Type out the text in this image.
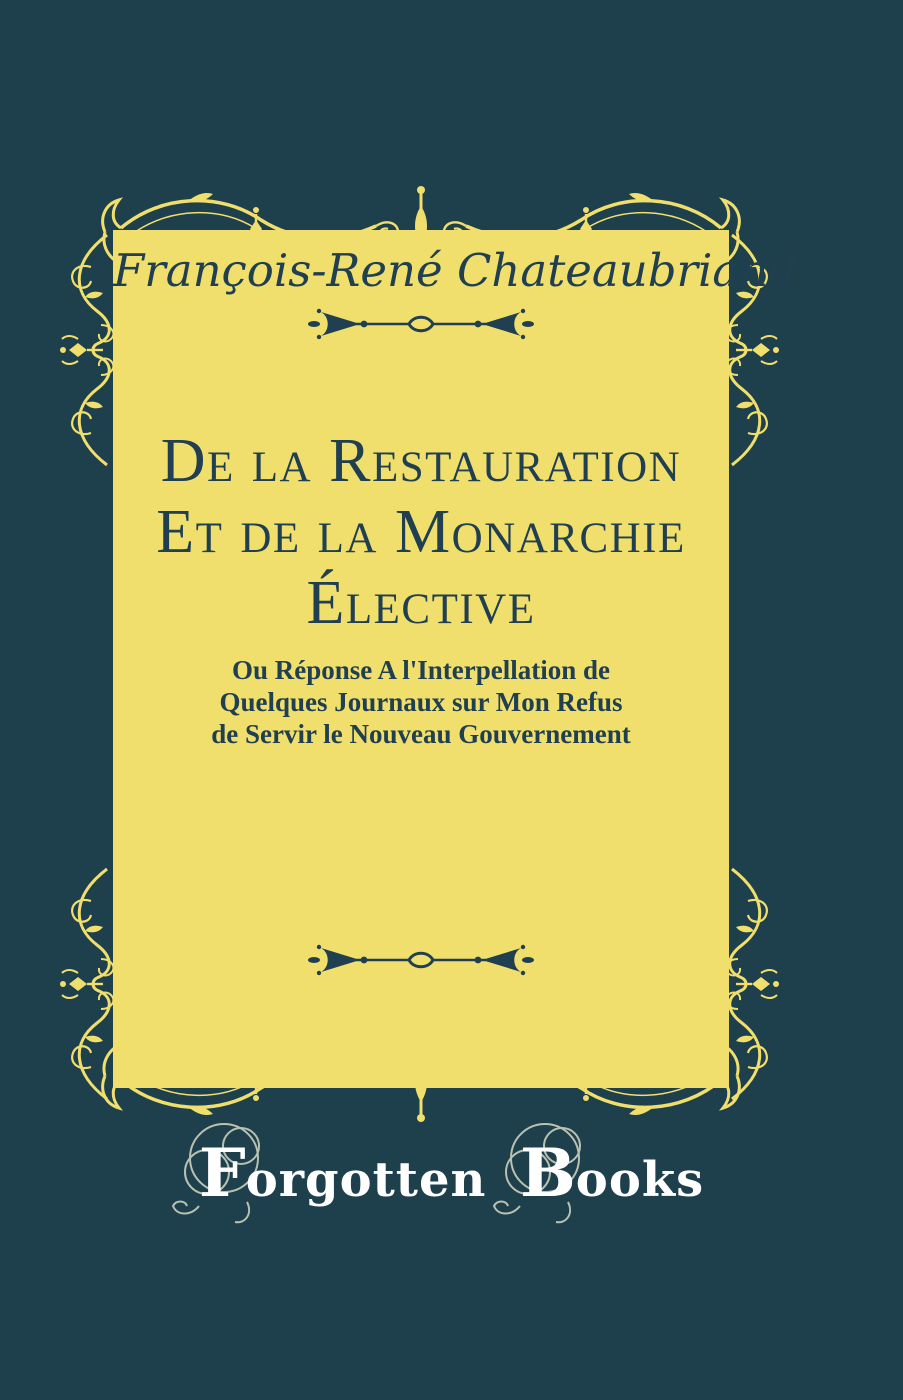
François-René Chateaubriand
De la Restauration
Et de la Monarchie
Élective
Ou Réponse A l'Interpellation de
Quelques Journaux sur Mon Refus
de Servir le Nouveau Gouvernement
Forgotten Books
